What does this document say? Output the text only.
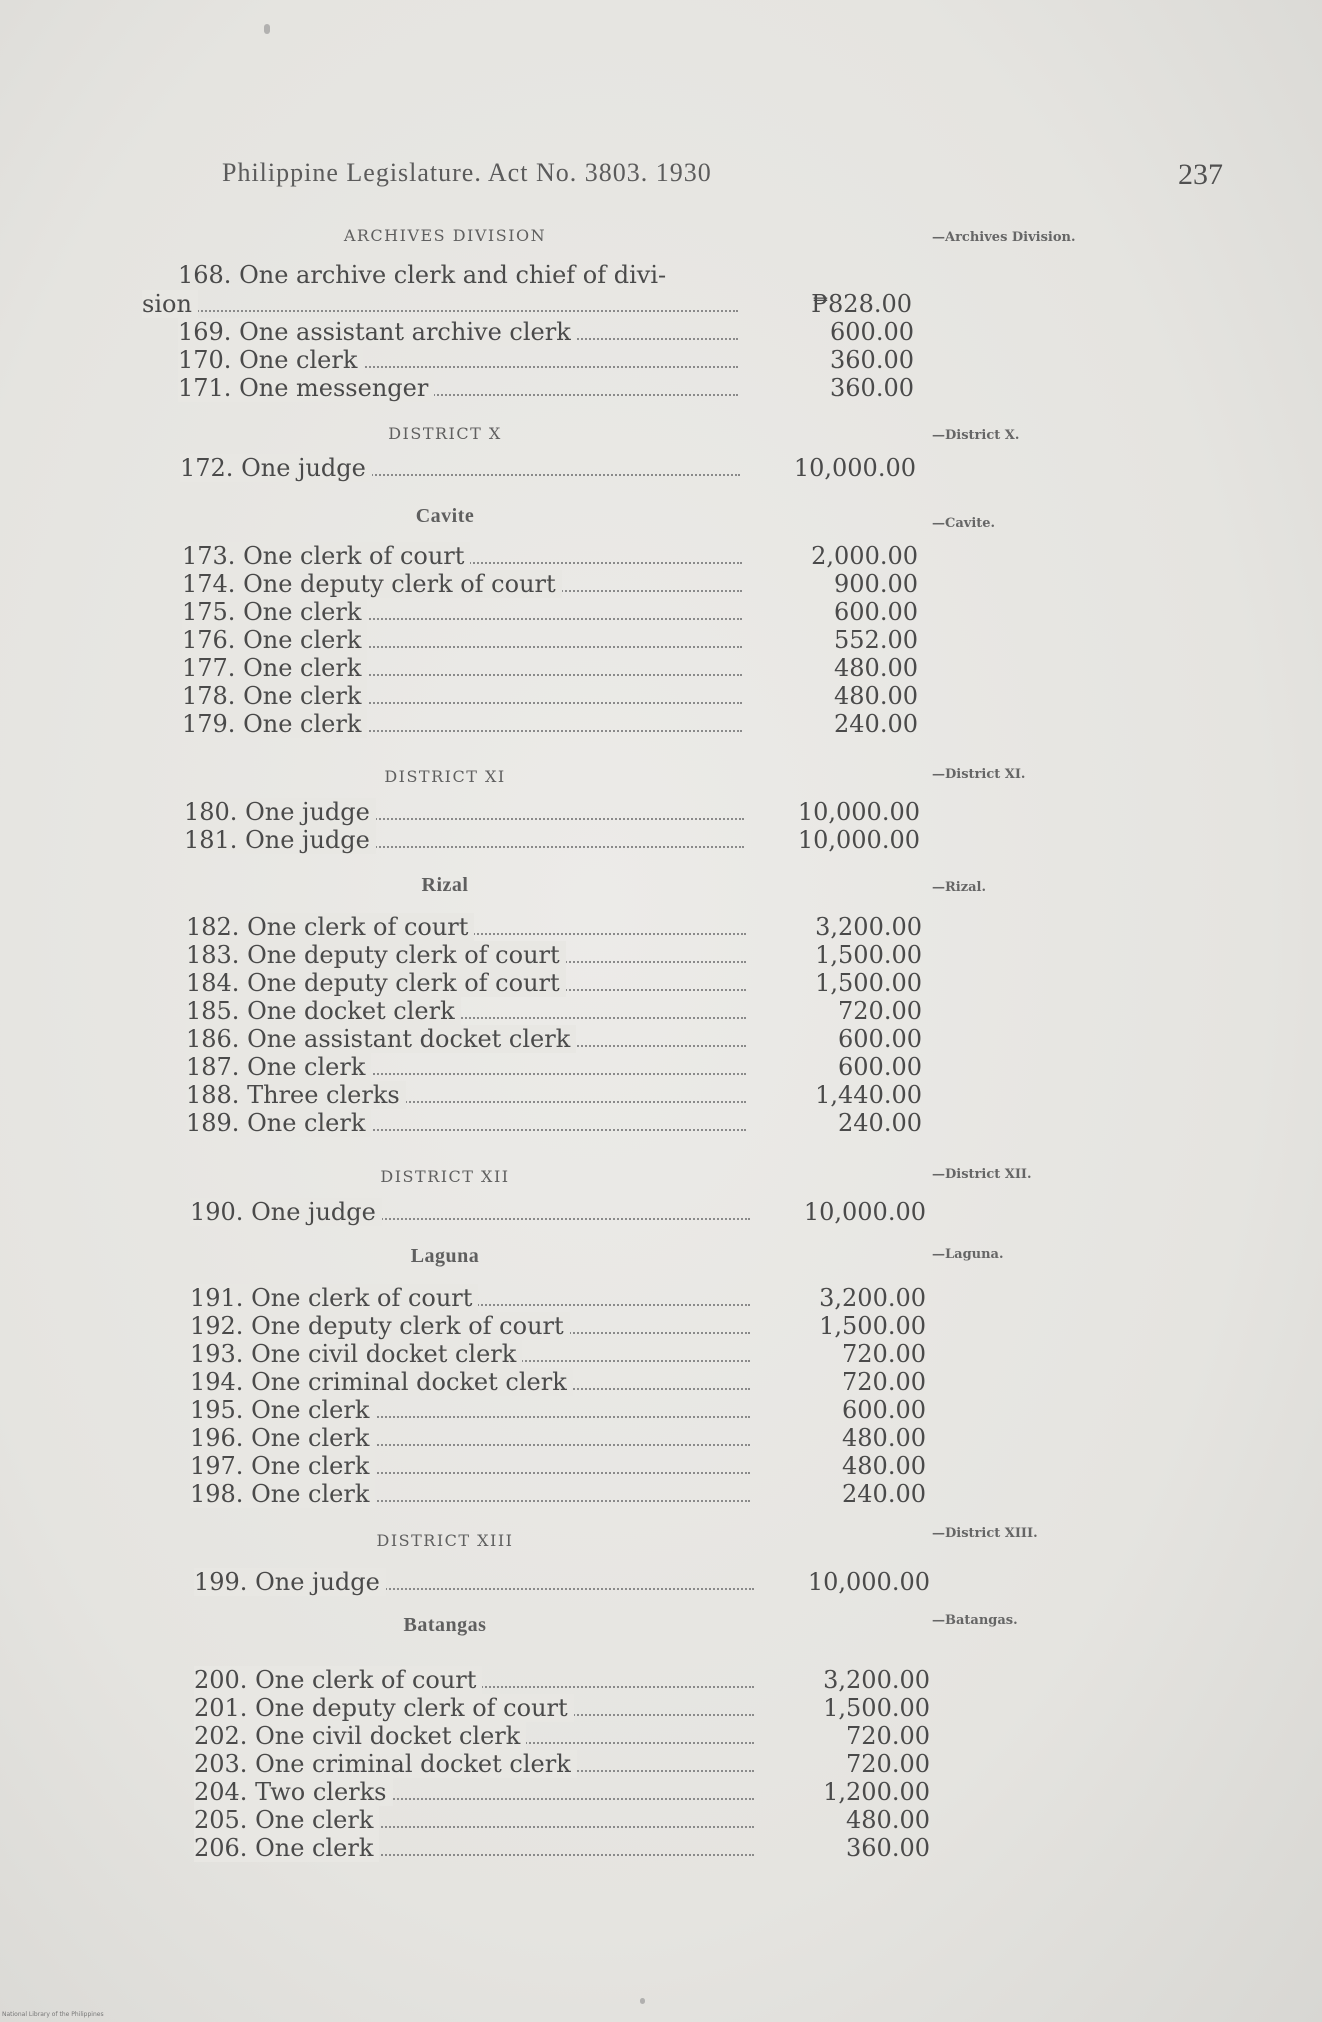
Philippine Legislature. Act No. 3803. 1930	237
ARCHIVES DIVISION	—Archives Division.
168. One archive clerk and chief of divi-
sion	₱828.00
169. One assistant archive clerk	600.00
170. One clerk	360.00
171. One messenger	360.00
DISTRICT X	—District X.
172. One judge	10,000.00
Cavite	—Cavite.
173. One clerk of court	2,000.00
174. One deputy clerk of court	900.00
175. One clerk	600.00
176. One clerk	552.00
177. One clerk	480.00
178. One clerk	480.00
179. One clerk	240.00
DISTRICT XI	—District XI.
180. One judge	10,000.00
181. One judge	10,000.00
Rizal	—Rizal.
182. One clerk of court	3,200.00
183. One deputy clerk of court	1,500.00
184. One deputy clerk of court	1,500.00
185. One docket clerk	720.00
186. One assistant docket clerk	600.00
187. One clerk	600.00
188. Three clerks	1,440.00
189. One clerk	240.00
DISTRICT XII	—District XII.
190. One judge	10,000.00
Laguna	—Laguna.
191. One clerk of court	3,200.00
192. One deputy clerk of court	1,500.00
193. One civil docket clerk	720.00
194. One criminal docket clerk	720.00
195. One clerk	600.00
196. One clerk	480.00
197. One clerk	480.00
198. One clerk	240.00
DISTRICT XIII	—District XIII.
199. One judge	10,000.00
Batangas	—Batangas.
200. One clerk of court	3,200.00
201. One deputy clerk of court	1,500.00
202. One civil docket clerk	720.00
203. One criminal docket clerk	720.00
204. Two clerks	1,200.00
205. One clerk	480.00
206. One clerk	360.00
National Library of the Philippines
